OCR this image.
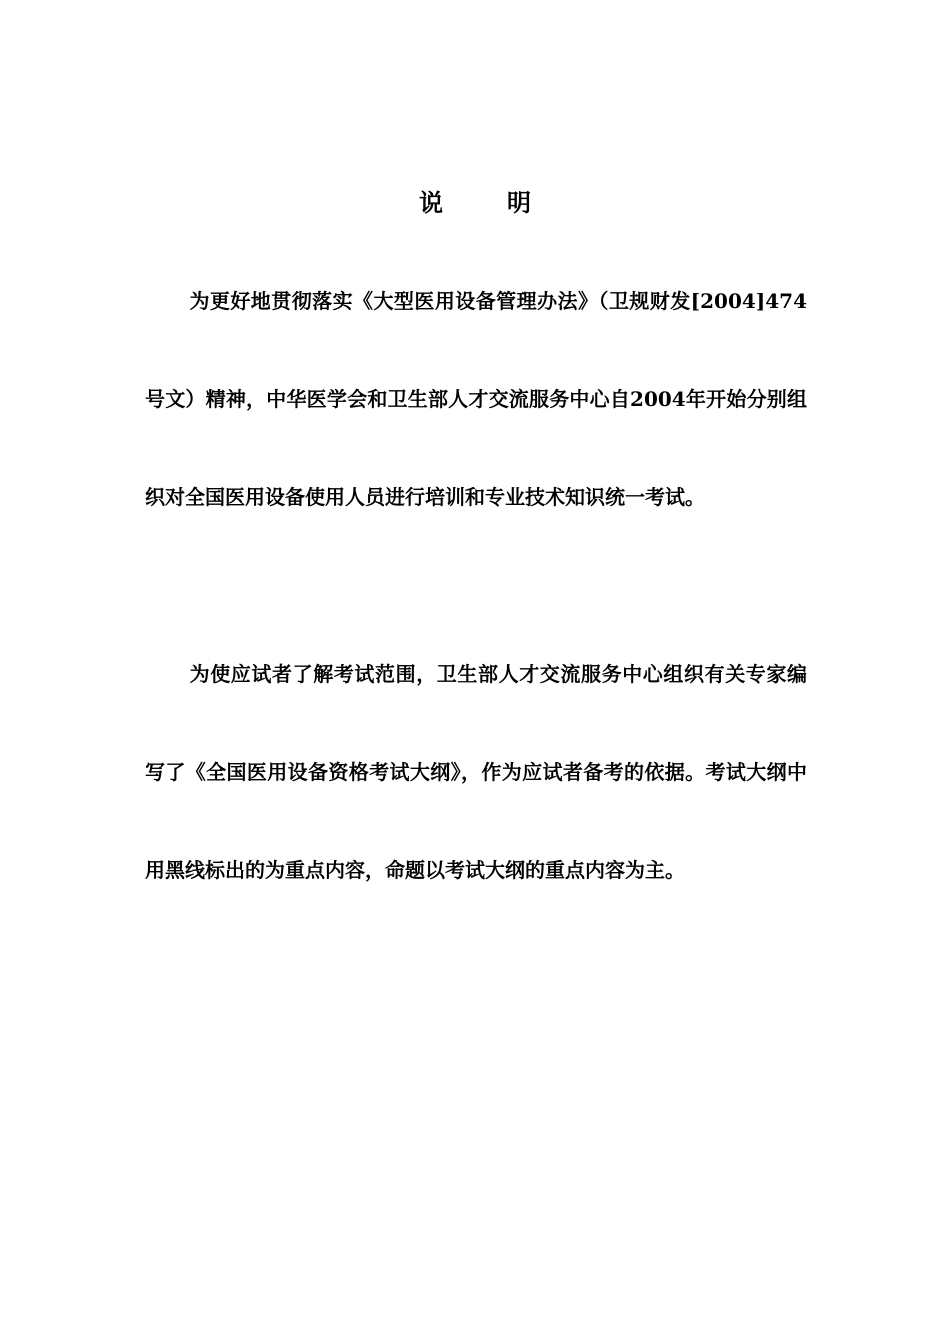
说	明

为更好地贯彻落实《大型医用设备管理办法》（卫规财发[2004]474号文）精神，中华医学会和卫生部人才交流服务中心自2004年开始分别组织对全国医用设备使用人员进行培训和专业技术知识统一考试。

为使应试者了解考试范围，卫生部人才交流服务中心组织有关专家编写了《全国医用设备资格考试大纲》，作为应试者备考的依据。考试大纲中用黑线标出的为重点内容，命题以考试大纲的重点内容为主。
